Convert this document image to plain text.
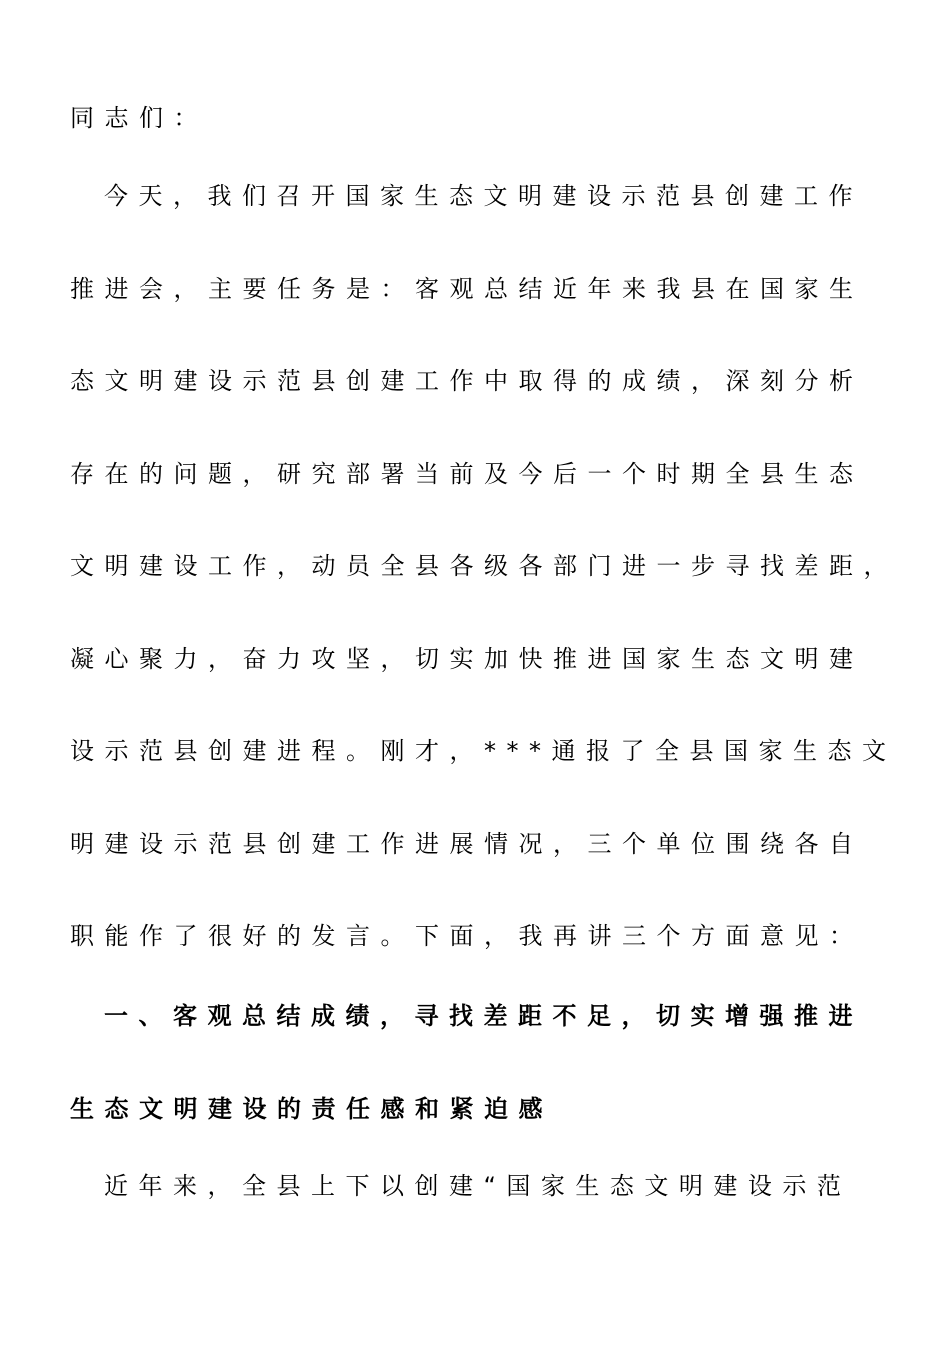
同志们：
今天，我们召开国家生态文明建设示范县创建工作
推进会，主要任务是：客观总结近年来我县在国家生
态文明建设示范县创建工作中取得的成绩，深刻分析
存在的问题，研究部署当前及今后一个时期全县生态
文明建设工作，动员全县各级各部门进一步寻找差距，
凝心聚力，奋力攻坚，切实加快推进国家生态文明建
设示范县创建进程。刚才，***通报了全县国家生态文
明建设示范县创建工作进展情况，三个单位围绕各自
职能作了很好的发言。下面，我再讲三个方面意见：
一、客观总结成绩，寻找差距不足，切实增强推进
生态文明建设的责任感和紧迫感
近年来，全县上下以创建“国家生态文明建设示范
